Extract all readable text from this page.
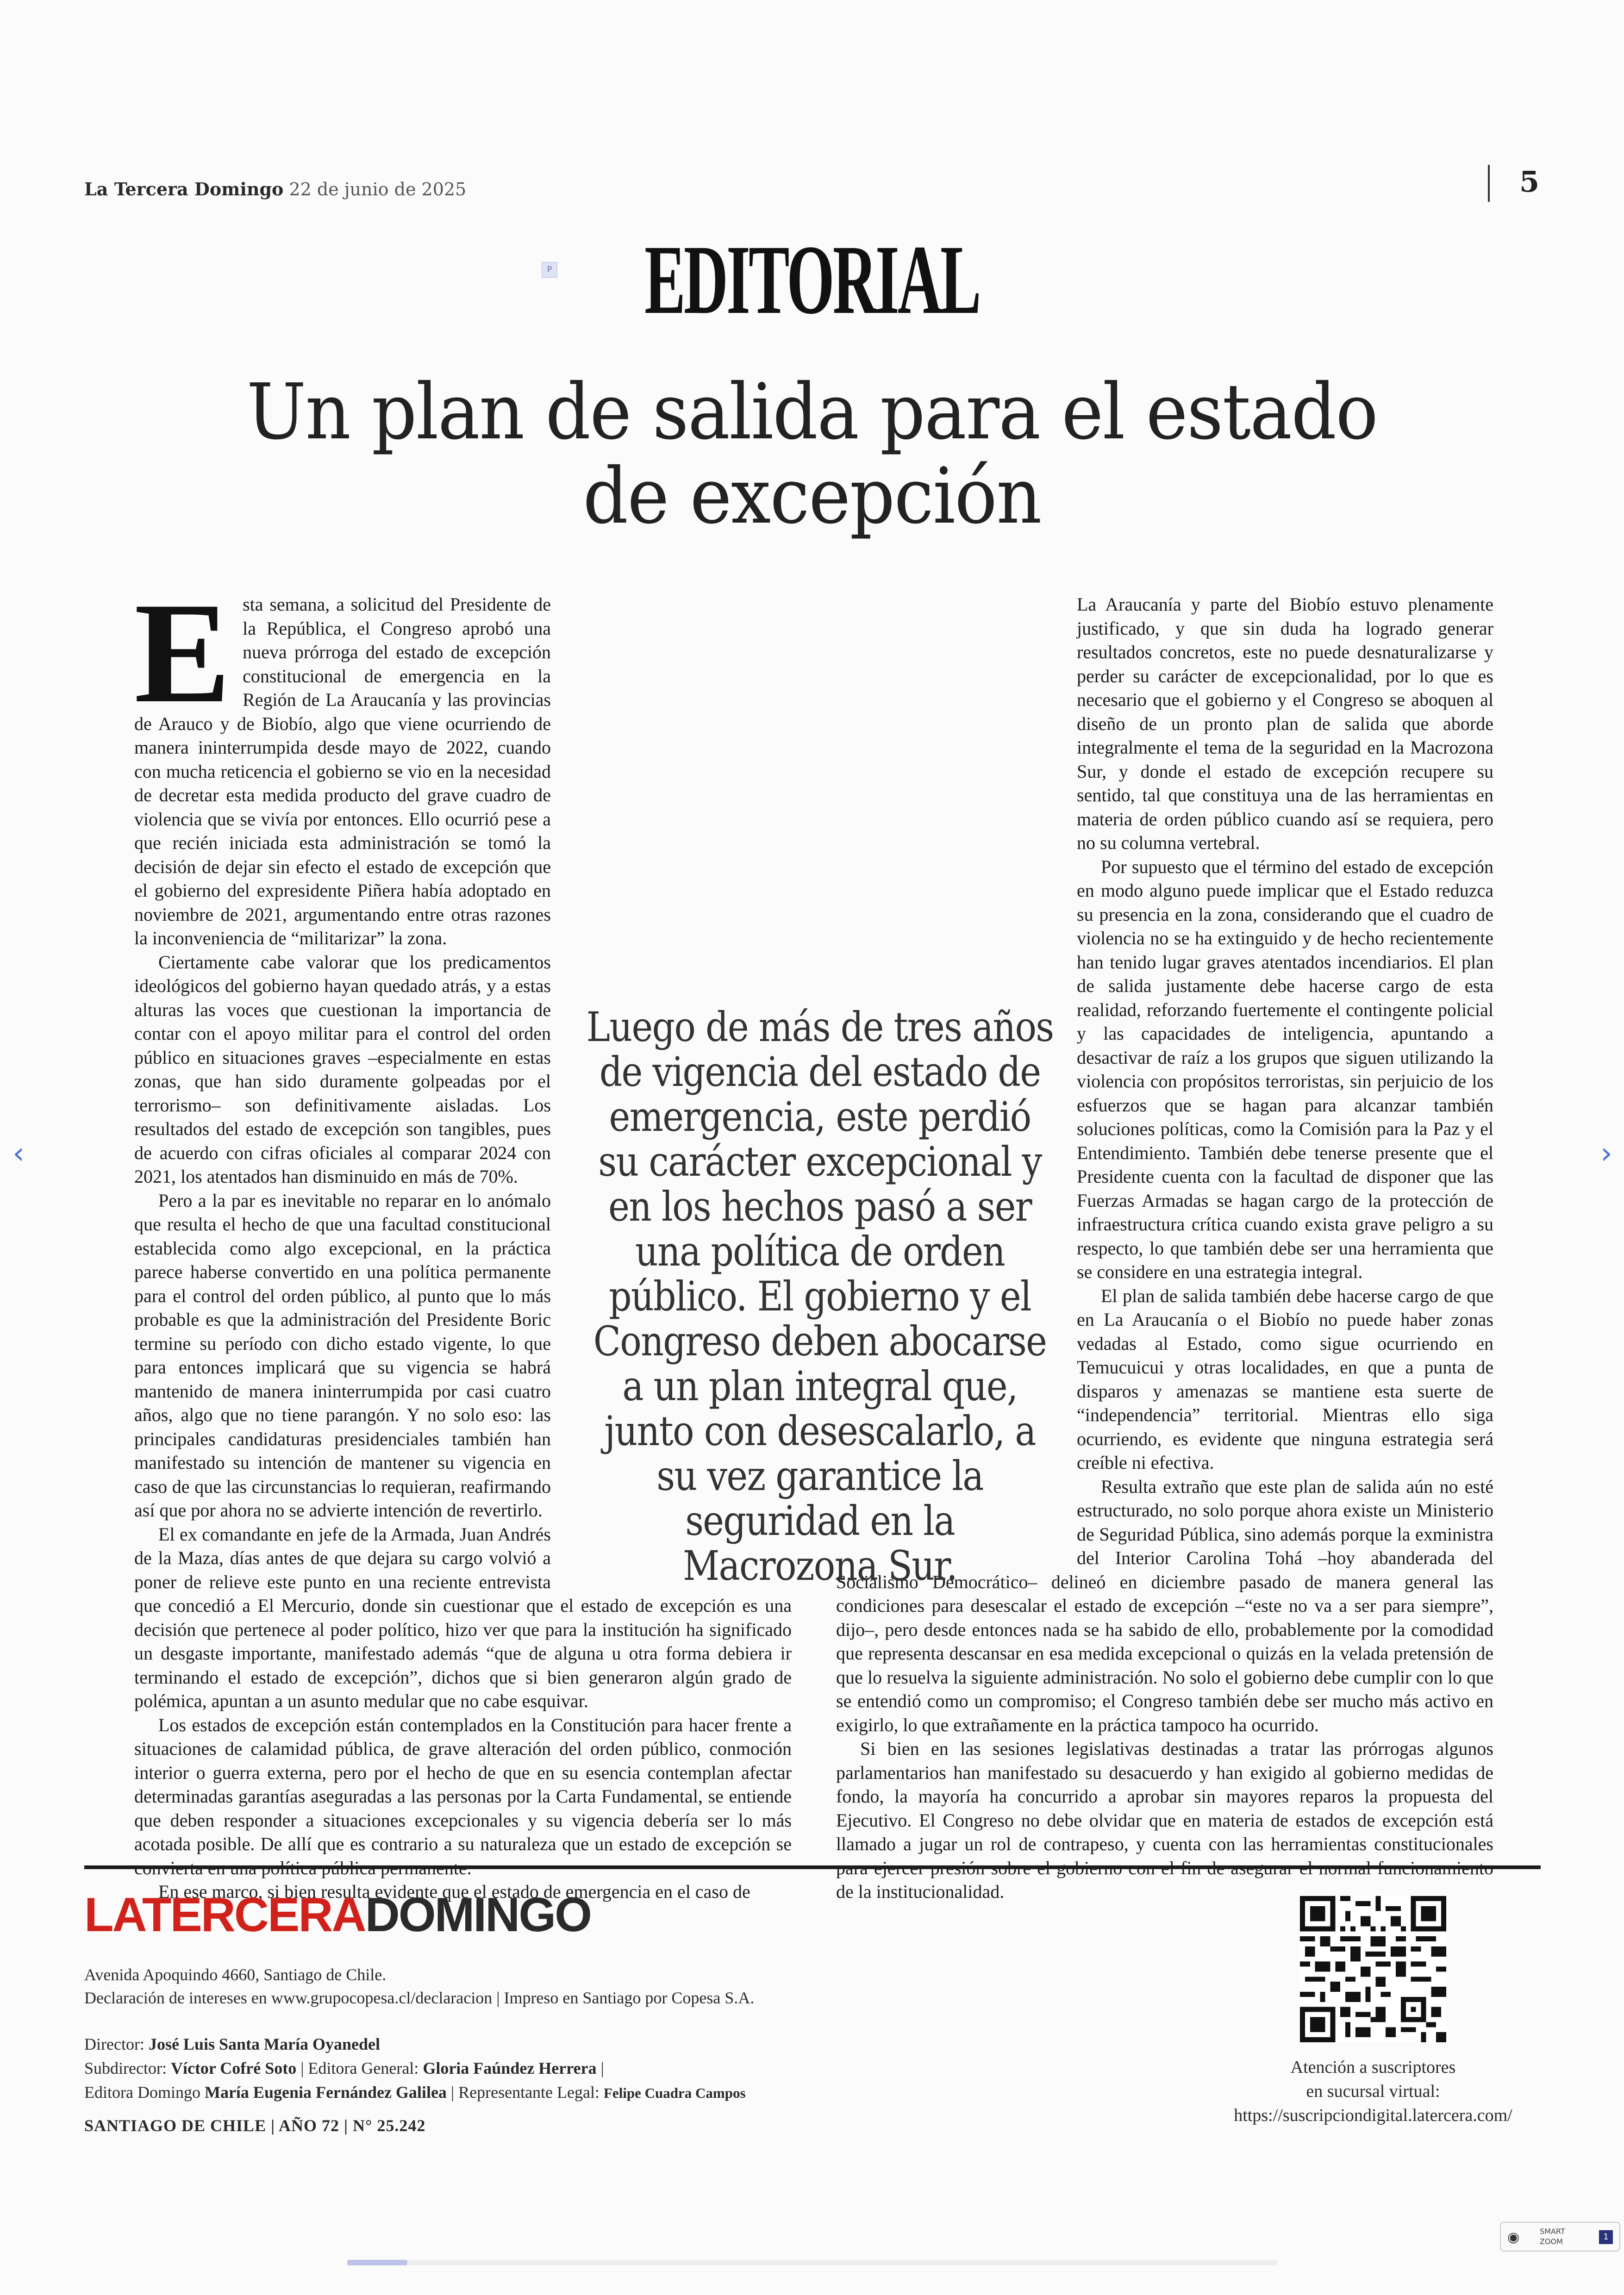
La Tercera Domingo 22 de junio de 2025	5
P EDITORIAL
Un plan de salida para el estado de excepción
E sta semana, a solicitud del Presidente de la República, el Congreso aprobó una nueva prórroga del estado de excepción constitucional de emergencia en la Región de La Araucanía y las provincias de Arauco y de Biobío, algo que viene ocurriendo de manera ininterrumpida desde mayo de 2022, cuando con mucha reticencia el gobierno se vio en la necesidad de decretar esta medida producto del grave cuadro de violencia que se vivía por entonces. Ello ocurrió pese a que recién iniciada esta administración se tomó la decisión de dejar sin efecto el estado de excepción que el gobierno del expresidente Piñera había adoptado en noviembre de 2021, argumentando entre otras razones la inconveniencia de “militarizar” la zona.

Ciertamente cabe valorar que los predicamentos ideológicos del gobierno hayan quedado atrás, y a estas alturas las voces que cuestionan la importancia de contar con el apoyo militar para el control del orden público en situaciones graves –especialmente en estas zonas, que han sido duramente golpeadas por el terrorismo– son definitivamente aisladas. Los resultados del estado de excepción son tangibles, pues de acuerdo con cifras oficiales al comparar 2024 con 2021, los atentados han disminuido en más de 70%.

Pero a la par es inevitable no reparar en lo anómalo que resulta el hecho de que una facultad constitucional establecida como algo excepcional, en la práctica parece haberse convertido en una política permanente para el control del orden público, al punto que lo más probable es que la administración del Presidente Boric termine su período con dicho estado vigente, lo que para entonces implicará que su vigencia se habrá mantenido de manera ininterrumpida por casi cuatro años, algo que no tiene parangón. Y no solo eso: las principales candidaturas presidenciales también han manifestado su intención de mantener su vigencia en caso de que las circunstancias lo requieran, reafirmando así que por ahora no se advierte intención de revertirlo.

El ex comandante en jefe de la Armada, Juan Andrés de la Maza, días antes de que dejara su cargo volvió a poner de relieve este punto en una reciente entrevista que concedió a El Mercurio, donde sin cuestionar que el estado de excepción es una decisión que pertenece al poder político, hizo ver que para la institución ha significado un desgaste importante, manifestado además “que de alguna u otra forma debiera ir terminando el estado de excepción”, dichos que si bien generaron algún grado de polémica, apuntan a un asunto medular que no cabe esquivar.

Los estados de excepción están contemplados en la Constitución para hacer frente a situaciones de calamidad pública, de grave alteración del orden público, conmoción interior o guerra externa, pero por el hecho de que en su esencia contemplan afectar determinadas garantías aseguradas a las personas por la Carta Fundamental, se entiende que deben responder a situaciones excepcionales y su vigencia debería ser lo más acotada posible. De allí que es contrario a su naturaleza que un estado de excepción se

En ese marco, si bien resulta evidente que el estado de emergencia en el caso de

La Araucanía y parte del Biobío estuvo plenamente justificado, y que sin duda ha logrado generar resultados concretos, este no puede desnaturalizarse y perder su carácter de excepcionalidad, por lo que es necesario que el gobierno y el Congreso se aboquen al diseño de un pronto plan de salida que aborde integralmente el tema de la seguridad en la Macrozona Sur, y donde el estado de excepción recupere su sentido, tal que constituya una de las herramientas en materia de orden público cuando así se requiera, pero no su columna vertebral.

Por supuesto que el término del estado de excepción en modo alguno puede implicar que el Estado reduzca su presencia en la zona, considerando que el cuadro de violencia no se ha extinguido y de hecho recientemente han tenido lugar graves atentados incendiarios. El plan de salida justamente debe hacerse cargo de esta realidad, reforzando fuertemente el contingente policial y las capacidades de inteligencia, apuntando a desactivar de raíz a los grupos que siguen utilizando la violencia con propósitos terroristas, sin perjuicio de los esfuerzos que se hagan para alcanzar también soluciones políticas, como la Comisión para la Paz y el Entendimiento. También debe tenerse presente que el Presidente cuenta con la facultad de disponer que las Fuerzas Armadas se hagan cargo de la protección de infraestructura crítica cuando exista grave peligro a su respecto, lo que también debe ser una herramienta que se considere en una estrategia integral.

El plan de salida también debe hacerse cargo de que en La Araucanía o el Biobío no puede haber zonas vedadas al Estado, como sigue ocurriendo en Temucuicui y otras localidades, en que a punta de disparos y amenazas se mantiene esta suerte de “independencia” territorial. Mientras ello siga ocurriendo, es evidente que ninguna estrategia será creíble ni efectiva.

Resulta extraño que este plan de salida aún no esté estructurado, no solo porque ahora existe un Ministerio de Seguridad Pública, sino además porque la exministra del Interior Carolina Tohá –hoy abanderada del Socialismo Democrático– delineó en diciembre pasado de manera general las condiciones para desescalar el estado de excepción –“este no va a ser para siempre”, dijo–, pero desde entonces nada se ha sabido de ello, probablemente por la comodidad que representa descansar en esa medida excepcional o quizás en la velada pretensión de que lo resuelva la siguiente administración. No solo el gobierno debe cumplir con lo que se entendió como un compromiso; el Congreso también debe ser mucho más activo en exigirlo, lo que extrañamente en la práctica tampoco ha ocurrido.

Si bien en las sesiones legislativas destinadas a tratar las prórrogas algunos parlamentarios han manifestado su desacuerdo y han exigido al gobierno medidas de fondo, la mayoría ha concurrido a aprobar sin mayores reparos la propuesta del Ejecutivo. El Congreso no debe olvidar que en materia de estados de excepción está llamado a jugar un rol de contrapeso, y cuenta con las herramientas constitucionales de la institucionalidad.

Luego de más de tres años de vigencia del estado de emergencia, este perdió su carácter excepcional y en los hechos pasó a ser una política de orden público. El gobierno y el Congreso deben abocarse a un plan integral que, junto con desescalarlo, a su vez garantice la seguridad en la Macrozona Sur.
LATERCERADOMINGO
Avenida Apoquindo 4660, Santiago de Chile.
Declaración de intereses en www.grupocopesa.cl/declaracion | Impreso en Santiago por Copesa S.A.
Director: José Luis Santa María Oyanedel
Subdirector: Víctor Cofré Soto | Editora General: Gloria Faúndez Herrera |
Editora Domingo María Eugenia Fernández Galilea | Representante Legal: Felipe Cuadra Campos
SANTIAGO DE CHILE | AÑO 72 | N° 25.242
Atención a suscriptores
en sucursal virtual:
https://suscripciondigital.latercera.com/
‹	›
◉	SMART
ZOOM	1
